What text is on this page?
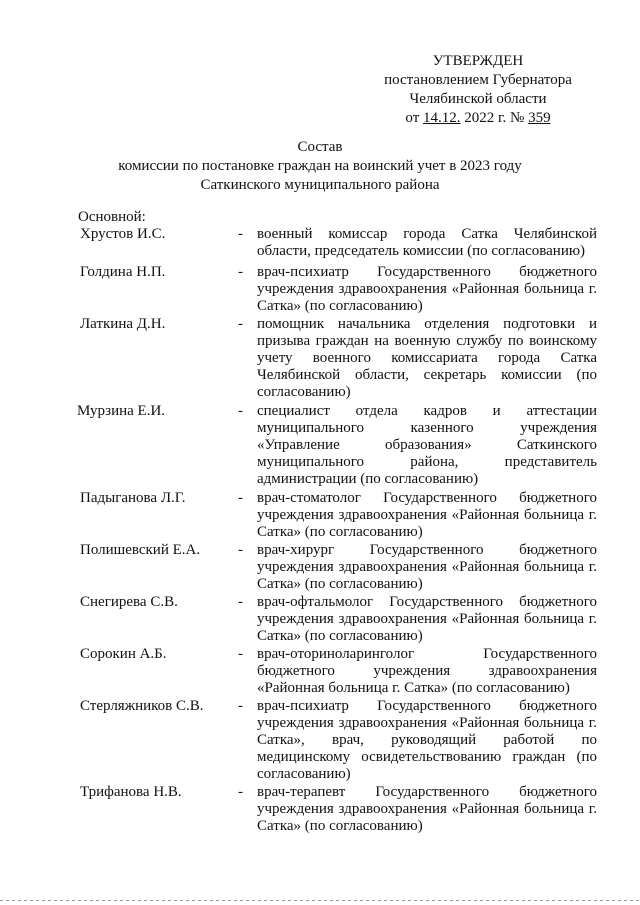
УТВЕРЖДЕН
постановлением Губернатора
Челябинской области
от 14.12. 2022 г. № 359
Состав
комиссии по постановке граждан на воинский учет в 2023 году
Саткинского муниципального района
Основной:
Хрустов И.С.	- военный комиссар города Сатка Челябинской области, председатель комиссии (по согласованию)
Голдина Н.П.	- врач-психиатр Государственного бюджетного учреждения здравоохранения «Районная больница г. Сатка» (по согласованию)
Латкина Д.Н.	- помощник начальника отделения подготовки и призыва граждан на военную службу по воинскому учету военного комиссариата города Сатка Челябинской области, секретарь комиссии (по согласованию)
Мурзина Е.И.	- специалист отдела кадров и аттестации муниципального казенного учреждения «Управление образования» Саткинского муниципального района, представитель администрации (по согласованию)
Падыганова Л.Г.	- врач-стоматолог Государственного бюджетного учреждения здравоохранения «Районная больница г. Сатка» (по согласованию)
Полишевский Е.А.	- врач-хирург Государственного бюджетного учреждения здравоохранения «Районная больница г. Сатка» (по согласованию)
Снегирева С.В.	- врач-офтальмолог Государственного бюджетного учреждения здравоохранения «Районная больница г. Сатка» (по согласованию)
Сорокин А.Б.	- врач-оториноларинголог Государственного бюджетного учреждения здравоохранения «Районная больница г. Сатка» (по согласованию)
Стерляжников С.В. - врач-психиатр Государственного бюджетного учреждения здравоохранения «Районная больница г. Сатка», врач, руководящий работой по медицинскому освидетельствованию граждан (по согласованию)
Трифанова Н.В.	- врач-терапевт Государственного бюджетного учреждения здравоохранения «Районная больница г. Сатка» (по согласованию)
